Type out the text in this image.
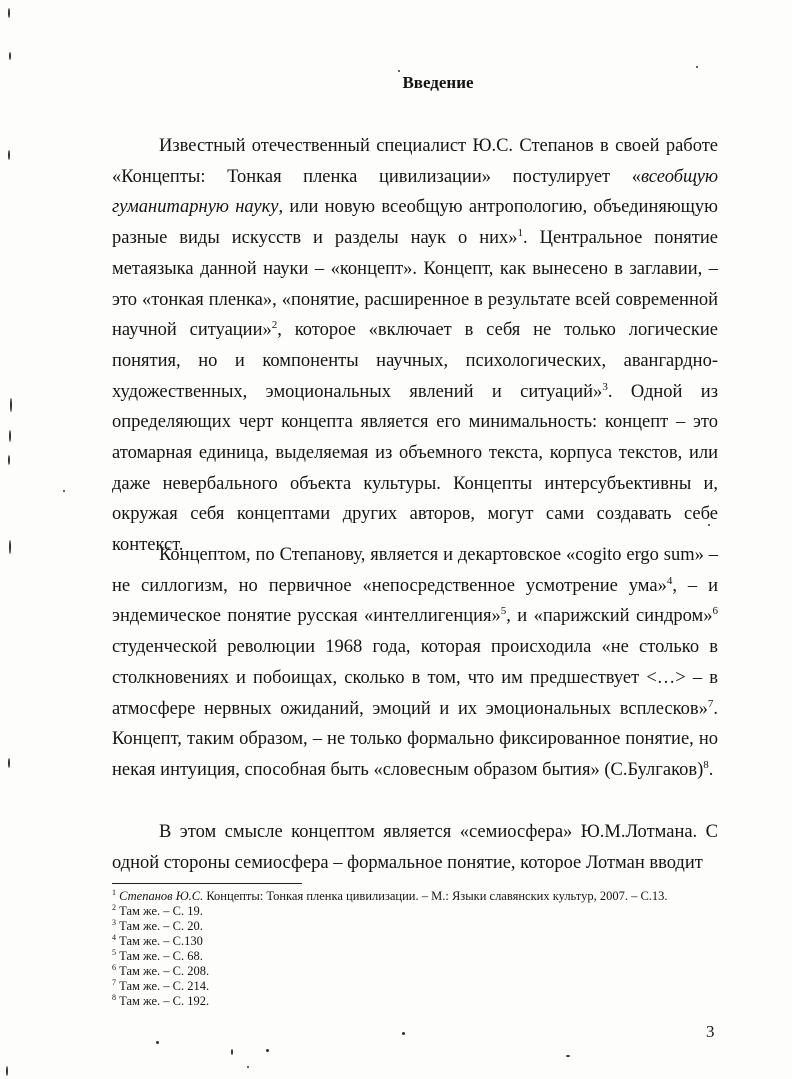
Введение

Известный отечественный специалист Ю.С. Степанов в своей работе «Концепты: Тонкая пленка цивилизации» постулирует «всеобщую гуманитарную науку, или новую всеобщую антропологию, объединяющую разные виды искусств и разделы наук о них»$^1$. Центральное понятие метаязыка данной науки – «концепт». Концепт, как вынесено в заглавии, – это «тонкая пленка», «понятие, расширенное в результате всей современной научной ситуации»$^2$, которое «включает в себя не только логические понятия, но и компоненты научных, психологических, авангардно-художественных, эмоциональных явлений и ситуаций»$^3$. Одной из определяющих черт концепта является его минимальность: концепт – это атомарная единица, выделяемая из объемного текста, корпуса текстов, или даже невербального объекта культуры. Концепты интерсубъективны и, окружая себя концептами других авторов, могут сами создавать себе контекст.

Концептом, по Степанову, является и декартовское «cogito ergo sum» – не силлогизм, но первичное «непосредственное усмотрение ума»$^4$, – и эндемическое понятие русская «интеллигенция»$^5$, и «парижский синдром»$^6$ студенческой революции 1968 года, которая происходила «не столько в столкновениях и побоищах, сколько в том, что им предшествует <…> – в атмосфере нервных ожиданий, эмоций и их эмоциональных всплесков»$^7$. Концепт, таким образом, – не только формально фиксированное понятие, но некая интуиция, способная быть «словесным образом бытия» (С.Булгаков)$^8$.

В этом смысле концептом является «семиосфера» Ю.М.Лотмана. С одной стороны семиосфера – формальное понятие, которое Лотман вводит

$^1$ Степанов Ю.С. Концепты: Тонкая пленка цивилизации. – М.: Языки славянских культур, 2007. – С.13.
$^2$ Там же. – С. 19.
$^3$ Там же. – С. 20.
$^4$ Там же. – С.130
$^5$ Там же. – С. 68.
$^6$ Там же. – С. 208.
$^7$ Там же. – С. 214.
$^8$ Там же. – С. 192.
3
